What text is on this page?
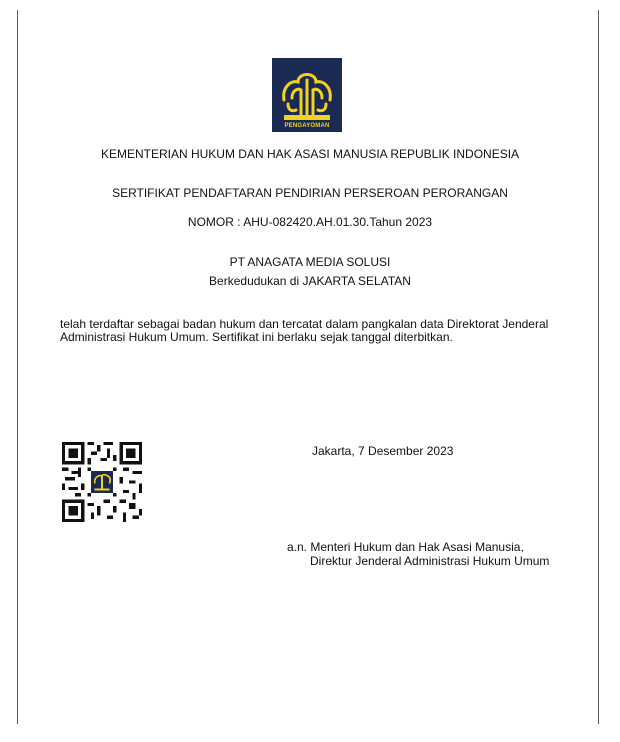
PENGAYOMAN
KEMENTERIAN HUKUM DAN HAK ASASI MANUSIA REPUBLIK INDONESIA
SERTIFIKAT PENDAFTARAN PENDIRIAN PERSEROAN PERORANGAN
NOMOR : AHU-082420.AH.01.30.Tahun 2023
PT ANAGATA MEDIA SOLUSI
Berkedudukan di JAKARTA SELATAN
telah terdaftar sebagai badan hukum dan tercatat dalam pangkalan data Direktorat Jenderal
Administrasi Hukum Umum. Sertifikat ini berlaku sejak tanggal diterbitkan.
Jakarta, 7 Desember 2023
a.n. Menteri Hukum dan Hak Asasi Manusia,
Direktur Jenderal Administrasi Hukum Umum
